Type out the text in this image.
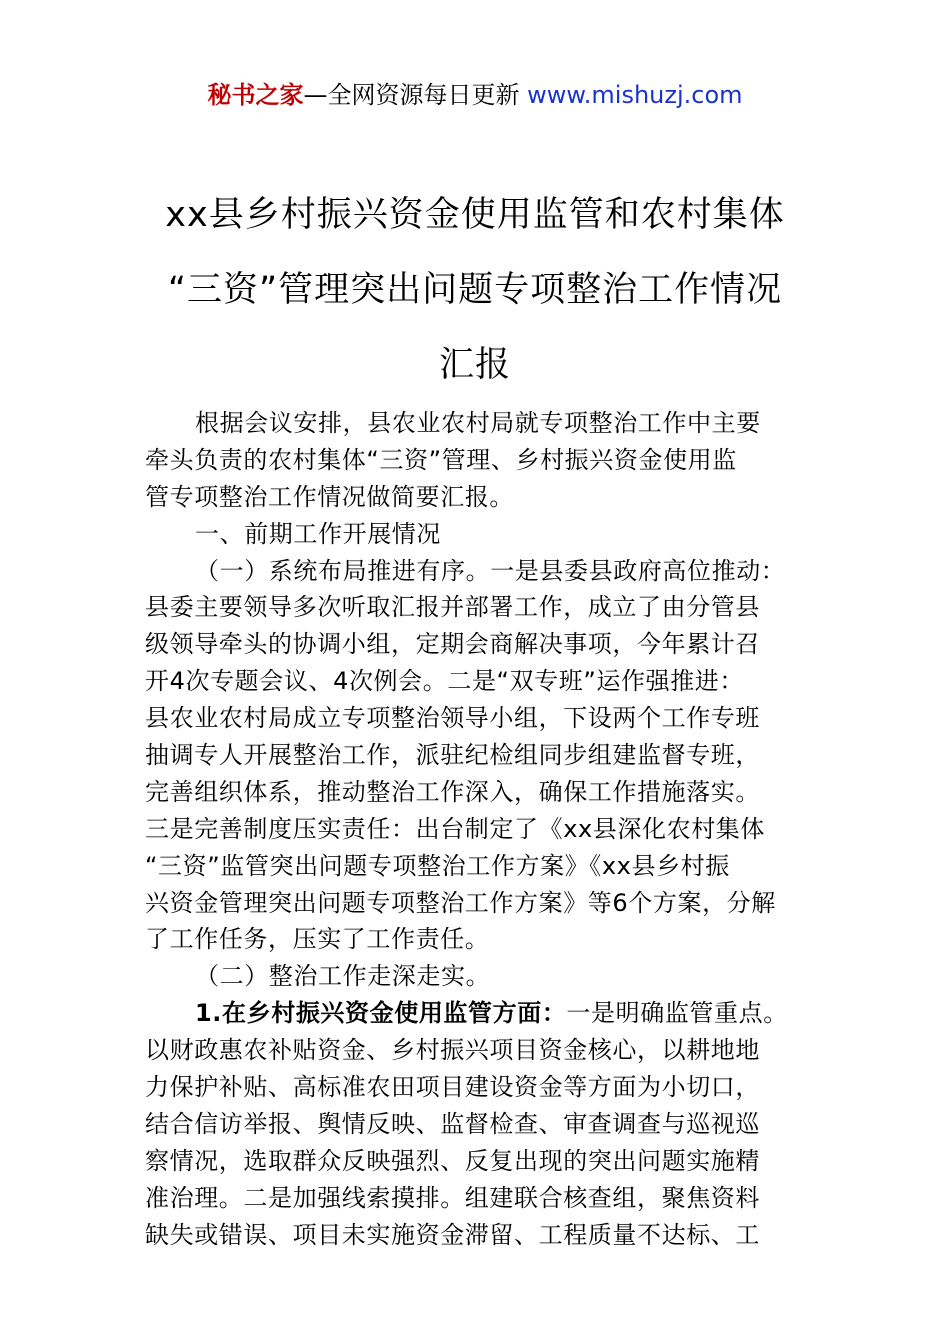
秘书之家—全网资源每日更新 www.mishuzj.com
xx县乡村振兴资金使用监管和农村集体
“三资”管理突出问题专项整治工作情况
汇报
根据会议安排，县农业农村局就专项整治工作中主要
牵头负责的农村集体“三资”管理、乡村振兴资金使用监
管专项整治工作情况做简要汇报。
一、前期工作开展情况
（一）系统布局推进有序。一是县委县政府高位推动：
县委主要领导多次听取汇报并部署工作，成立了由分管县
级领导牵头的协调小组，定期会商解决事项，今年累计召
开4次专题会议、4次例会。二是“双专班”运作强推进：
县农业农村局成立专项整治领导小组，下设两个工作专班
抽调专人开展整治工作，派驻纪检组同步组建监督专班，
完善组织体系，推动整治工作深入，确保工作措施落实。
三是完善制度压实责任：出台制定了《xx县深化农村集体
“三资”监管突出问题专项整治工作方案》《xx县乡村振
兴资金管理突出问题专项整治工作方案》等6个方案，分解
了工作任务，压实了工作责任。
（二）整治工作走深走实。
1.在乡村振兴资金使用监管方面：一是明确监管重点。
以财政惠农补贴资金、乡村振兴项目资金核心，以耕地地
力保护补贴、高标准农田项目建设资金等方面为小切口，
结合信访举报、舆情反映、监督检查、审查调查与巡视巡
察情况，选取群众反映强烈、反复出现的突出问题实施精
准治理。二是加强线索摸排。组建联合核查组，聚焦资料
缺失或错误、项目未实施资金滞留、工程质量不达标、工
